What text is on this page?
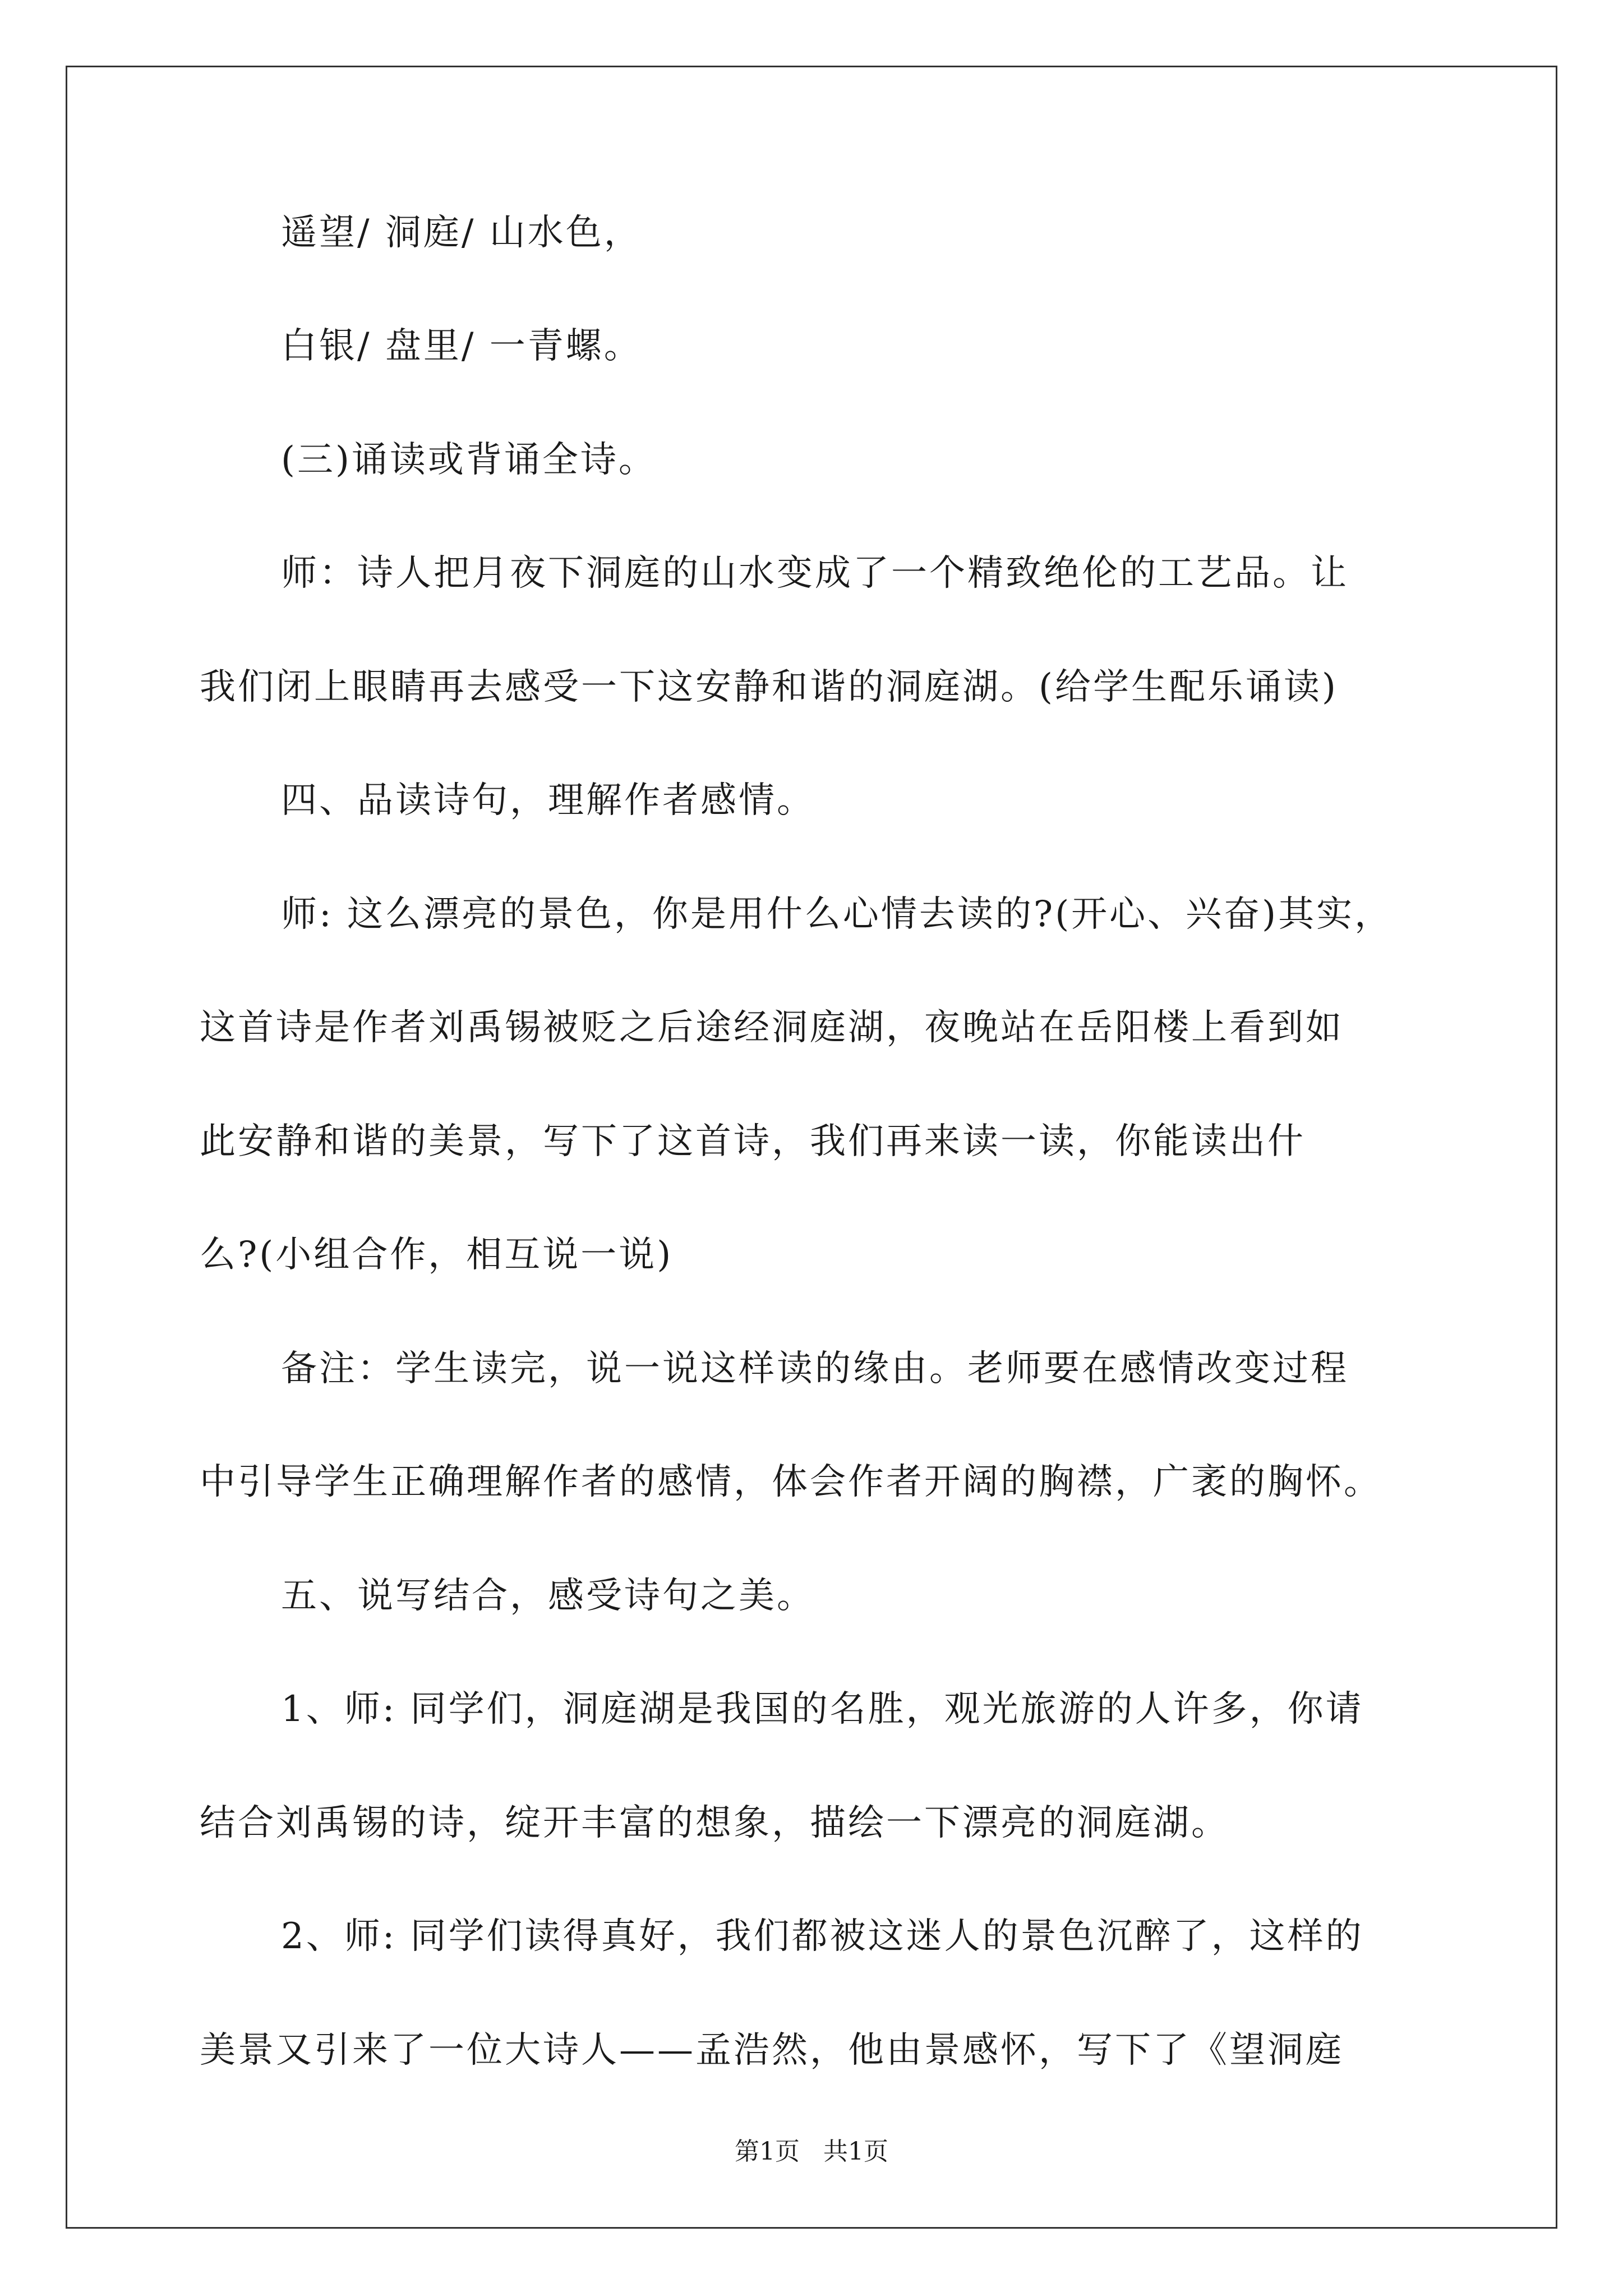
遥望/ 洞庭/ 山水色，
白银/ 盘里/ 一青螺。
(三)诵读或背诵全诗。
师：诗人把月夜下洞庭的山水变成了一个精致绝伦的工艺品。让
我们闭上眼睛再去感受一下这安静和谐的洞庭湖。(给学生配乐诵读)
四、品读诗句，理解作者感情。
师: 这么漂亮的景色，你是用什么心情去读的?(开心、兴奋)其实，
这首诗是作者刘禹锡被贬之后途经洞庭湖，夜晚站在岳阳楼上看到如
此安静和谐的美景，写下了这首诗，我们再来读一读，你能读出什
么?(小组合作，相互说一说)
备注：学生读完，说一说这样读的缘由。老师要在感情改变过程
中引导学生正确理解作者的感情，体会作者开阔的胸襟，广袤的胸怀。
五、说写结合，感受诗句之美。
1、师: 同学们，洞庭湖是我国的名胜，观光旅游的人许多，你请
结合刘禹锡的诗，绽开丰富的想象，描绘一下漂亮的洞庭湖。
2、师: 同学们读得真好，我们都被这迷人的景色沉醉了，这样的
美景又引来了一位大诗人——孟浩然，他由景感怀，写下了《望洞庭
第1页   共1页
